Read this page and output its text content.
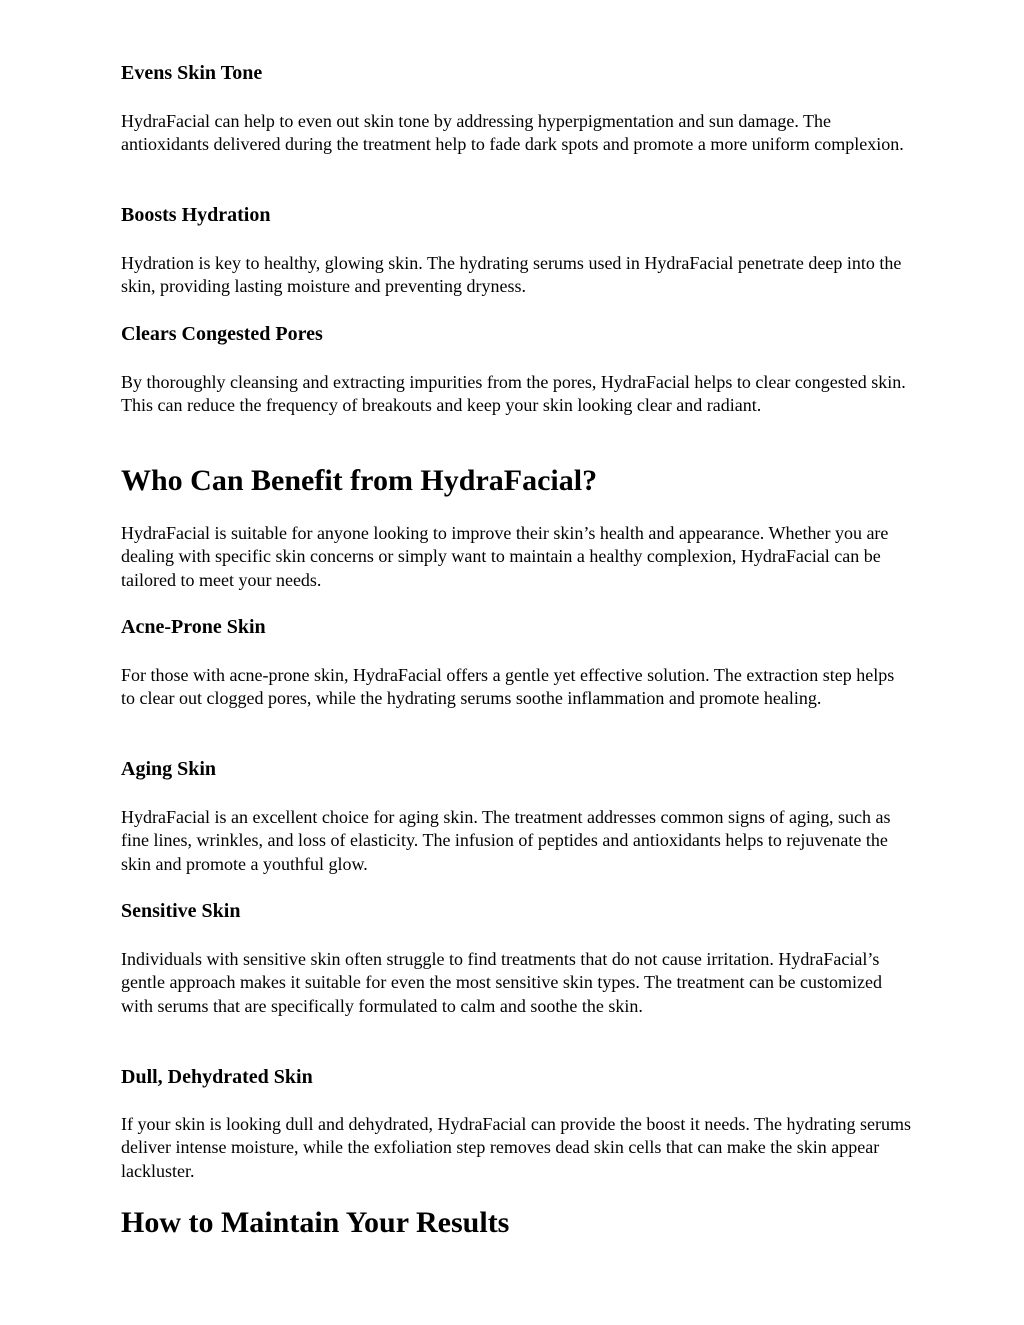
Evens Skin Tone

HydraFacial can help to even out skin tone by addressing hyperpigmentation and sun damage. The antioxidants delivered during the treatment help to fade dark spots and promote a more uniform complexion.

Boosts Hydration

Hydration is key to healthy, glowing skin. The hydrating serums used in HydraFacial penetrate deep into the skin, providing lasting moisture and preventing dryness.

Clears Congested Pores

By thoroughly cleansing and extracting impurities from the pores, HydraFacial helps to clear congested skin. This can reduce the frequency of breakouts and keep your skin looking clear and radiant.

Who Can Benefit from HydraFacial?

HydraFacial is suitable for anyone looking to improve their skin’s health and appearance. Whether you are dealing with specific skin concerns or simply want to maintain a healthy complexion, HydraFacial can be tailored to meet your needs.

Acne-Prone Skin

For those with acne-prone skin, HydraFacial offers a gentle yet effective solution. The extraction step helps to clear out clogged pores, while the hydrating serums soothe inflammation and promote healing.

Aging Skin

HydraFacial is an excellent choice for aging skin. The treatment addresses common signs of aging, such as fine lines, wrinkles, and loss of elasticity. The infusion of peptides and antioxidants helps to rejuvenate the skin and promote a youthful glow.

Sensitive Skin

Individuals with sensitive skin often struggle to find treatments that do not cause irritation. HydraFacial’s gentle approach makes it suitable for even the most sensitive skin types. The treatment can be customized with serums that are specifically formulated to calm and soothe the skin.

Dull, Dehydrated Skin

If your skin is looking dull and dehydrated, HydraFacial can provide the boost it needs. The hydrating serums deliver intense moisture, while the exfoliation step removes dead skin cells that can make the skin appear lackluster.

How to Maintain Your Results
